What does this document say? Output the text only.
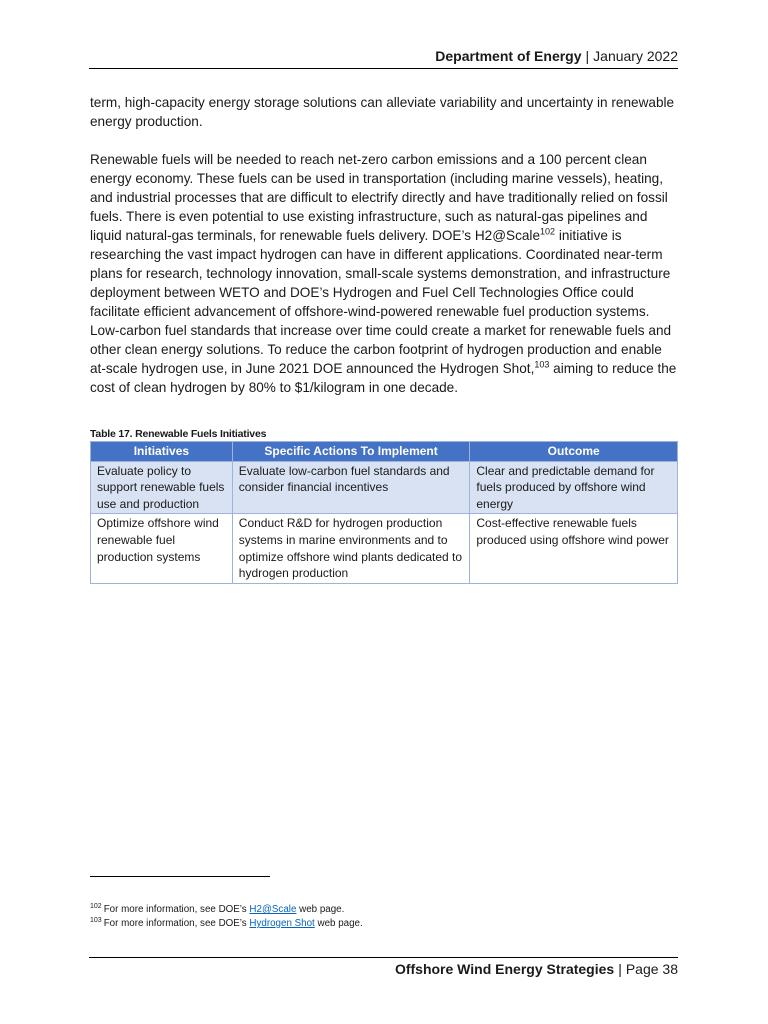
Department of Energy | January 2022

term, high-capacity energy storage solutions can alleviate variability and uncertainty in renewable energy production.

Renewable fuels will be needed to reach net-zero carbon emissions and a 100 percent clean energy economy. These fuels can be used in transportation (including marine vessels), heating, and industrial processes that are difficult to electrify directly and have traditionally relied on fossil fuels. There is even potential to use existing infrastructure, such as natural-gas pipelines and liquid natural-gas terminals, for renewable fuels delivery. DOE’s H2@Scale$^{102}$ initiative is researching the vast impact hydrogen can have in different applications. Coordinated near-term plans for research, technology innovation, small-scale systems demonstration, and infrastructure deployment between WETO and DOE’s Hydrogen and Fuel Cell Technologies Office could facilitate efficient advancement of offshore-wind-powered renewable fuel production systems. Low-carbon fuel standards that increase over time could create a market for renewable fuels and other clean energy solutions. To reduce the carbon footprint of hydrogen production and enable at-scale hydrogen use, in June 2021 DOE announced the Hydrogen Shot,$^{103}$ aiming to reduce the cost of clean hydrogen by 80% to $1/kilogram in one decade.

Table 17. Renewable Fuels Initiatives
Initiatives	Specific Actions To Implement	Outcome
Evaluate policy to support renewable fuels use and production	Evaluate low-carbon fuel standards and consider financial incentives	Clear and predictable demand for fuels produced by offshore wind energy
Optimize offshore wind renewable fuel production systems	Conduct R&D for hydrogen production systems in marine environments and to optimize offshore wind plants dedicated to hydrogen production	Cost-effective renewable fuels produced using offshore wind power
$^{102}$ For more information, see DOE’s H2@Scale web page.
$^{103}$ For more information, see DOE’s Hydrogen Shot web page.
Offshore Wind Energy Strategies | Page 38
